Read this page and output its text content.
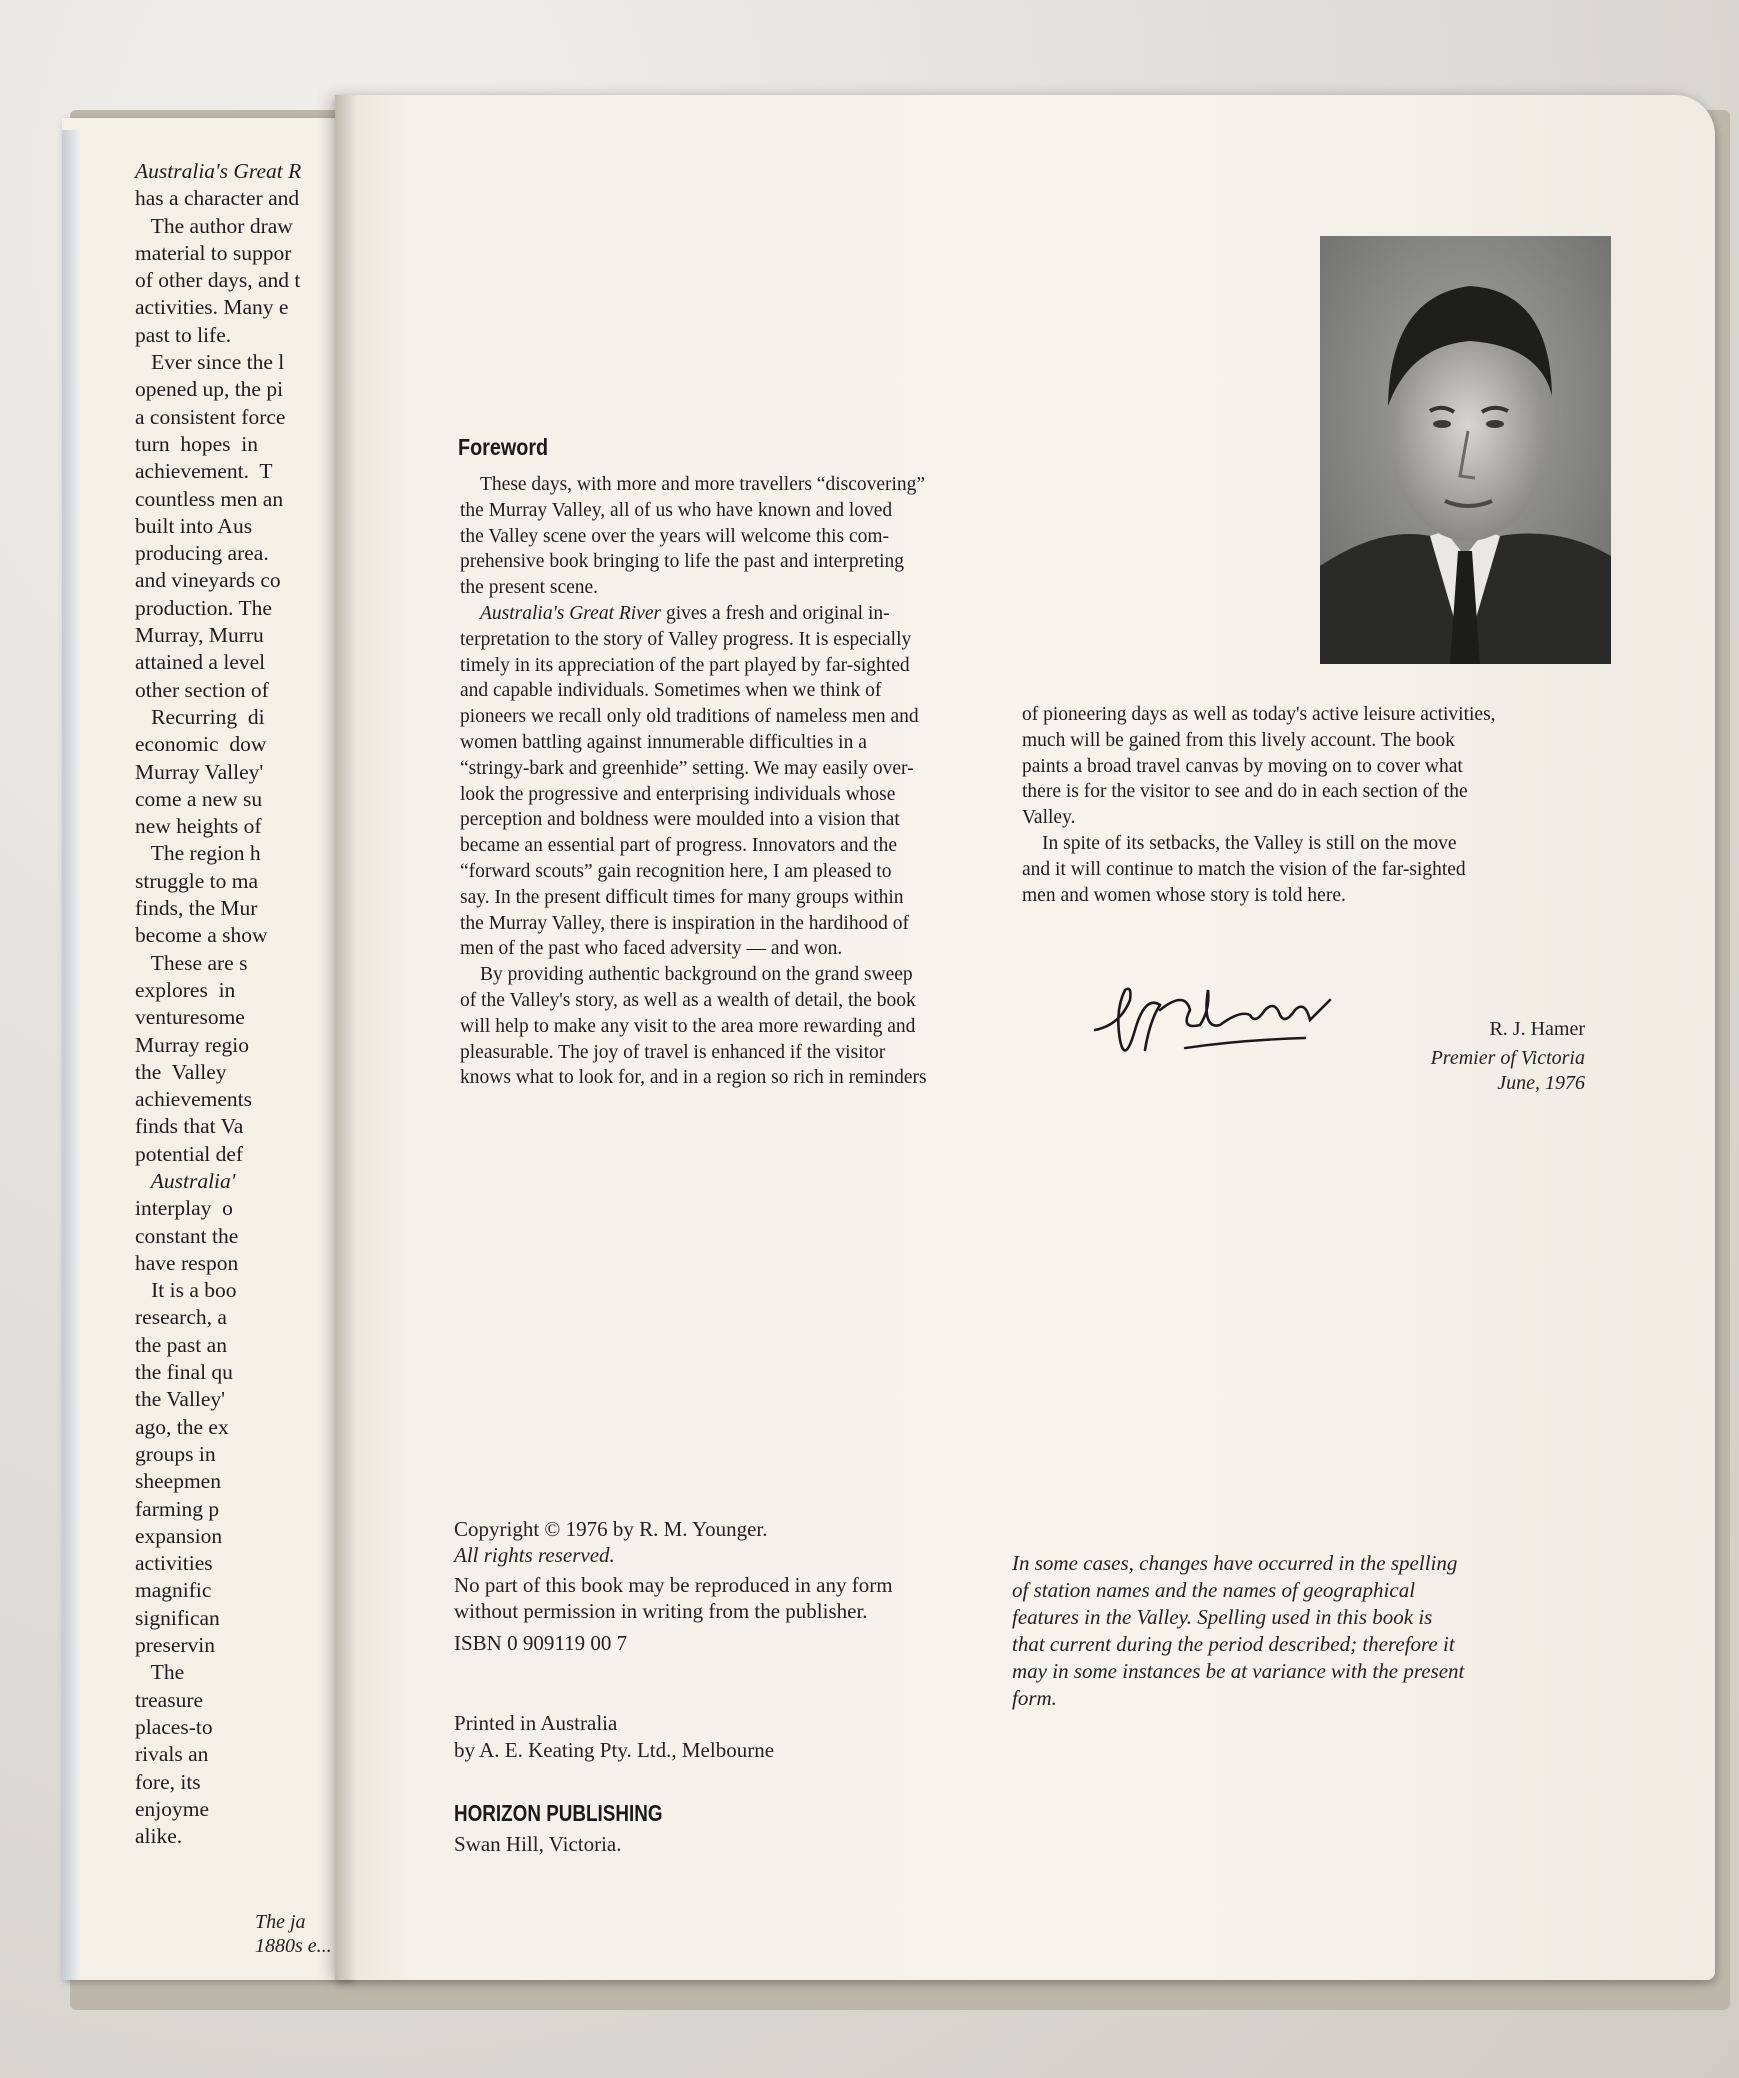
Australia's Great R
has a character and
The author draw
material to suppor
of other days, and t
activities. Many e
past to life.
Ever since the l
opened up, the pi
a consistent force
turn  hopes  in
achievement.  T
countless men an
built into Aus
producing area.
and vineyards co
production. The
Murray, Murru
attained a level
other section of
Recurring  di
economic  dow
Murray Valley'
come a new su
new heights of
The region h
struggle to ma
finds, the Mur
become a show
These are s
explores  in
venturesome
Murray regio
the  Valley
achievements
finds that Va
potential def
Australia'
interplay  o
constant the
have respon
It is a boo
research, a
the past an
the final qu
the Valley'
ago, the ex
groups in
sheepmen
farming p
expansion
activities
magnific
significan
preservin
The
treasure
places-to
rivals an
fore, its
enjoyme
alike.
The ja
1880s e...
Foreword

These days, with more and more travellers “discovering”
the Murray Valley, all of us who have known and loved
the Valley scene over the years will welcome this com-
prehensive book bringing to life the past and interpreting
the present scene.
Australia's Great River gives a fresh and original in-
terpretation to the story of Valley progress. It is especially
timely in its appreciation of the part played by far-sighted
and capable individuals. Sometimes when we think of
pioneers we recall only old traditions of nameless men and
women battling against innumerable difficulties in a
“stringy-bark and greenhide” setting. We may easily over-
look the progressive and enterprising individuals whose
perception and boldness were moulded into a vision that
became an essential part of progress. Innovators and the
“forward scouts” gain recognition here, I am pleased to
say. In the present difficult times for many groups within
the Murray Valley, there is inspiration in the hardihood of
men of the past who faced adversity — and won.
By providing authentic background on the grand sweep
of the Valley's story, as well as a wealth of detail, the book
will help to make any visit to the area more rewarding and
pleasurable. The joy of travel is enhanced if the visitor
knows what to look for, and in a region so rich in reminders

of pioneering days as well as today's active leisure activities,
much will be gained from this lively account. The book
paints a broad travel canvas by moving on to cover what
there is for the visitor to see and do in each section of the
Valley.
In spite of its setbacks, the Valley is still on the move
and it will continue to match the vision of the far-sighted
men and women whose story is told here.

R. J. Hamer
Premier of Victoria
June, 1976
Copyright © 1976 by R. M. Younger.
All rights reserved.
No part of this book may be reproduced in any form
without permission in writing from the publisher.
ISBN 0 909119 00 7
Printed in Australia
by A. E. Keating Pty. Ltd., Melbourne
HORIZON PUBLISHING
Swan Hill, Victoria.
In some cases, changes have occurred in the spelling
of station names and the names of geographical
features in the Valley. Spelling used in this book is
that current during the period described; therefore it
may in some instances be at variance with the present
form.
